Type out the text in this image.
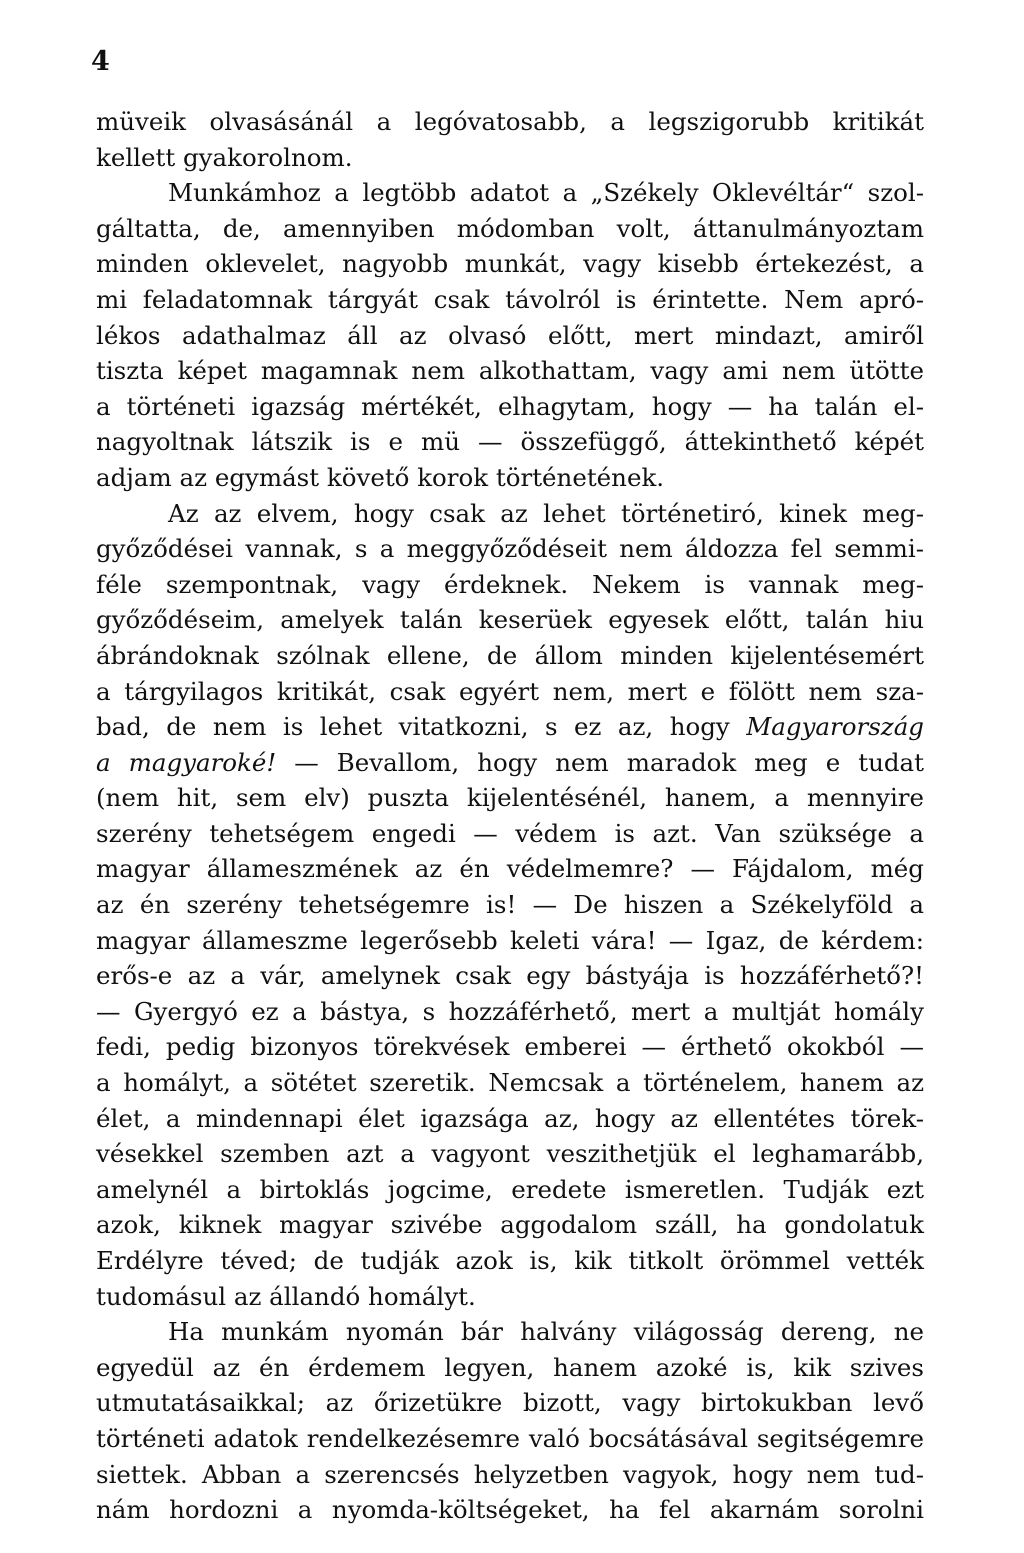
4
müveik olvasásánál a legóvatosabb, a legszigorubb kritikát
kellett gyakorolnom.
Munkámhoz a legtöbb adatot a „Székely Oklevéltár“ szol-
gáltatta, de, amennyiben módomban volt, áttanulmányoztam
minden oklevelet, nagyobb munkát, vagy kisebb értekezést, a
mi feladatomnak tárgyát csak távolról is érintette. Nem apró-
lékos adathalmaz áll az olvasó előtt, mert mindazt, amiről
tiszta képet magamnak nem alkothattam, vagy ami nem ütötte
a történeti igazság mértékét, elhagytam, hogy — ha talán el-
nagyoltnak látszik is e mü — összefüggő, áttekinthető képét
adjam az egymást követő korok történetének.
Az az elvem, hogy csak az lehet történetiró, kinek meg-
győződései vannak, s a meggyőződéseit nem áldozza fel semmi-
féle szempontnak, vagy érdeknek. Nekem is vannak meg-
győződéseim, amelyek talán keserüek egyesek előtt, talán hiu
ábrándoknak szólnak ellene, de állom minden kijelentésemért
a tárgyilagos kritikát, csak egyért nem, mert e fölött nem sza-
bad, de nem is lehet vitatkozni, s ez az, hogy Magyarország
a magyaroké! — Bevallom, hogy nem maradok meg e tudat
(nem hit, sem elv) puszta kijelentésénél, hanem, a mennyire
szerény tehetségem engedi — védem is azt. Van szüksége a
magyar állameszmének az én védelmemre? — Fájdalom, még
az én szerény tehetségemre is! — De hiszen a Székelyföld a
magyar állameszme legerősebb keleti vára! — Igaz, de kérdem:
erős-e az a vár, amelynek csak egy bástyája is hozzáférhető?!
— Gyergyó ez a bástya, s hozzáférhető, mert a multját homály
fedi, pedig bizonyos törekvések emberei — érthető okokból —
a homályt, a sötétet szeretik. Nemcsak a történelem, hanem az
élet, a mindennapi élet igazsága az, hogy az ellentétes törek-
vésekkel szemben azt a vagyont veszithetjük el leghamarább,
amelynél a birtoklás jogcime, eredete ismeretlen. Tudják ezt
azok, kiknek magyar szivébe aggodalom száll, ha gondolatuk
Erdélyre téved; de tudják azok is, kik titkolt örömmel vették
tudomásul az állandó homályt.
Ha munkám nyomán bár halvány világosság dereng, ne
egyedül az én érdemem legyen, hanem azoké is, kik szives
utmutatásaikkal; az őrizetükre bizott, vagy birtokukban levő
történeti adatok rendelkezésemre való bocsátásával segitségemre
siettek. Abban a szerencsés helyzetben vagyok, hogy nem tud-
nám hordozni a nyomda-költségeket, ha fel akarnám sorolni
